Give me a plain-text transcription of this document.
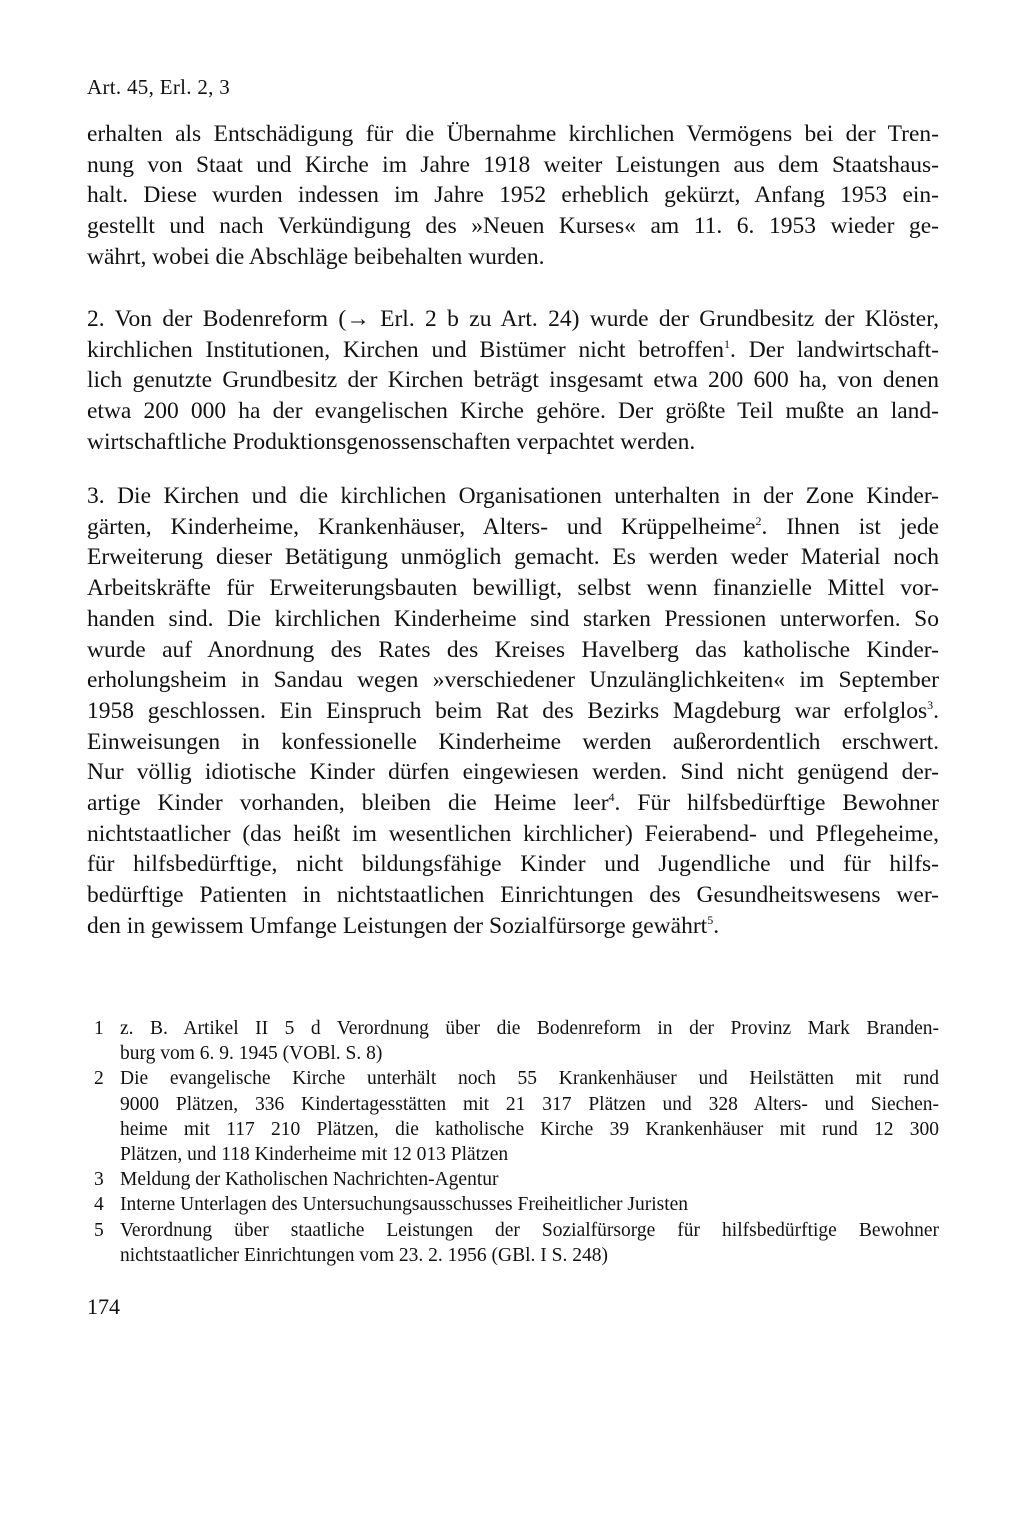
Art. 45, Erl. 2, 3
erhalten als Entschädigung für die Übernahme kirchlichen Vermögens bei der Tren-
nung von Staat und Kirche im Jahre 1918 weiter Leistungen aus dem Staatshaus-
halt. Diese wurden indessen im Jahre 1952 erheblich gekürzt, Anfang 1953 ein-
gestellt und nach Verkündigung des »Neuen Kurses« am 11. 6. 1953 wieder ge-
währt, wobei die Abschläge beibehalten wurden.
2. Von der Bodenreform (→ Erl. 2 b zu Art. 24) wurde der Grundbesitz der Klöster,
kirchlichen Institutionen, Kirchen und Bistümer nicht betroffen$^1$. Der landwirtschaft-
lich genutzte Grundbesitz der Kirchen beträgt insgesamt etwa 200 600 ha, von denen
etwa 200 000 ha der evangelischen Kirche gehöre. Der größte Teil mußte an land-
wirtschaftliche Produktionsgenossenschaften verpachtet werden.
3. Die Kirchen und die kirchlichen Organisationen unterhalten in der Zone Kinder-
gärten, Kinderheime, Krankenhäuser, Alters- und Krüppelheime$^2$. Ihnen ist jede
Erweiterung dieser Betätigung unmöglich gemacht. Es werden weder Material noch
Arbeitskräfte für Erweiterungsbauten bewilligt, selbst wenn finanzielle Mittel vor-
handen sind. Die kirchlichen Kinderheime sind starken Pressionen unterworfen. So
wurde auf Anordnung des Rates des Kreises Havelberg das katholische Kinder-
erholungsheim in Sandau wegen »verschiedener Unzulänglichkeiten« im September
1958 geschlossen. Ein Einspruch beim Rat des Bezirks Magdeburg war erfolglos$^3$.
Einweisungen in konfessionelle Kinderheime werden außerordentlich erschwert.
Nur völlig idiotische Kinder dürfen eingewiesen werden. Sind nicht genügend der-
artige Kinder vorhanden, bleiben die Heime leer$^4$. Für hilfsbedürftige Bewohner
nichtstaatlicher (das heißt im wesentlichen kirchlicher) Feierabend- und Pflegeheime,
für hilfsbedürftige, nicht bildungsfähige Kinder und Jugendliche und für hilfs-
bedürftige Patienten in nichtstaatlichen Einrichtungen des Gesundheitswesens wer-
den in gewissem Umfange Leistungen der Sozialfürsorge gewährt$^5$.
1 z. B. Artikel II 5 d Verordnung über die Bodenreform in der Provinz Mark Branden-
burg vom 6. 9. 1945 (VOBl. S. 8)
2 Die evangelische Kirche unterhält noch 55 Krankenhäuser und Heilstätten mit rund
9000 Plätzen, 336 Kindertagesstätten mit 21 317 Plätzen und 328 Alters- und Siechen-
heime mit 117 210 Plätzen, die katholische Kirche 39 Krankenhäuser mit rund 12 300
Plätzen, und 118 Kinderheime mit 12 013 Plätzen
3 Meldung der Katholischen Nachrichten-Agentur
4 Interne Unterlagen des Untersuchungsausschusses Freiheitlicher Juristen
5 Verordnung über staatliche Leistungen der Sozialfürsorge für hilfsbedürftige Bewohner
nichtstaatlicher Einrichtungen vom 23. 2. 1956 (GBl. I S. 248)
174
